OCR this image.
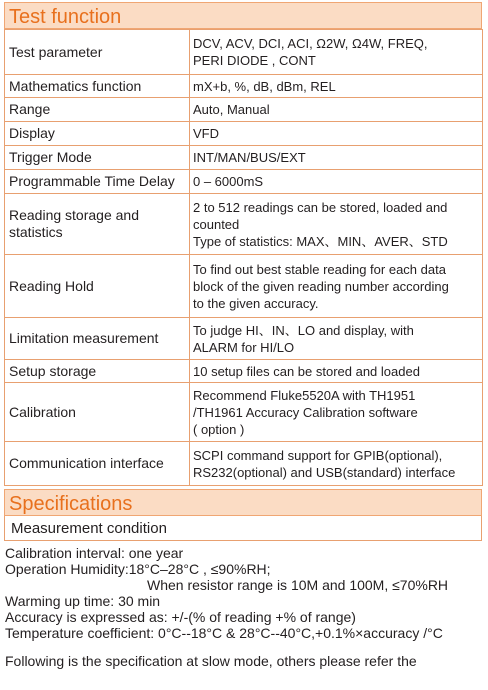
Test function
Test parameter	DCV, ACV, DCI, ACI, Ω2W, Ω4W, FREQ,
PERI DIODE , CONT
Mathematics function	mX+b, %, dB, dBm, REL
Range	Auto, Manual
Display	VFD
Trigger Mode	INT/MAN/BUS/EXT
Programmable Time Delay	0 – 6000mS
Reading storage and
statistics	2 to 512 readings can be stored, loaded and
counted
Type of statistics: MAX、MIN、AVER、STD
Reading Hold	To find out best stable reading for each data
block of the given reading number according
to the given accuracy.
Limitation measurement	To judge HI、IN、LO and display, with
ALARM for HI/LO
Setup storage	10 setup files can be stored and loaded
Calibration	Recommend Fluke5520A with TH1951
/TH1961 Accuracy Calibration software
( option )
Communication interface	SCPI command support for GPIB(optional),
RS232(optional) and USB(standard) interface
Specifications
Measurement condition
Calibration interval: one year
Operation Humidity:18°C–28°C , ≤90%RH;
When resistor range is 10M and 100M, ≤70%RH
Warming up time: 30 min
Accuracy is expressed as: +/-(% of reading +% of range)
Temperature coefficient: 0°C--18°C & 28°C--40°C,+0.1%×accuracy /°C
Following is the specification at slow mode, others please refer the
